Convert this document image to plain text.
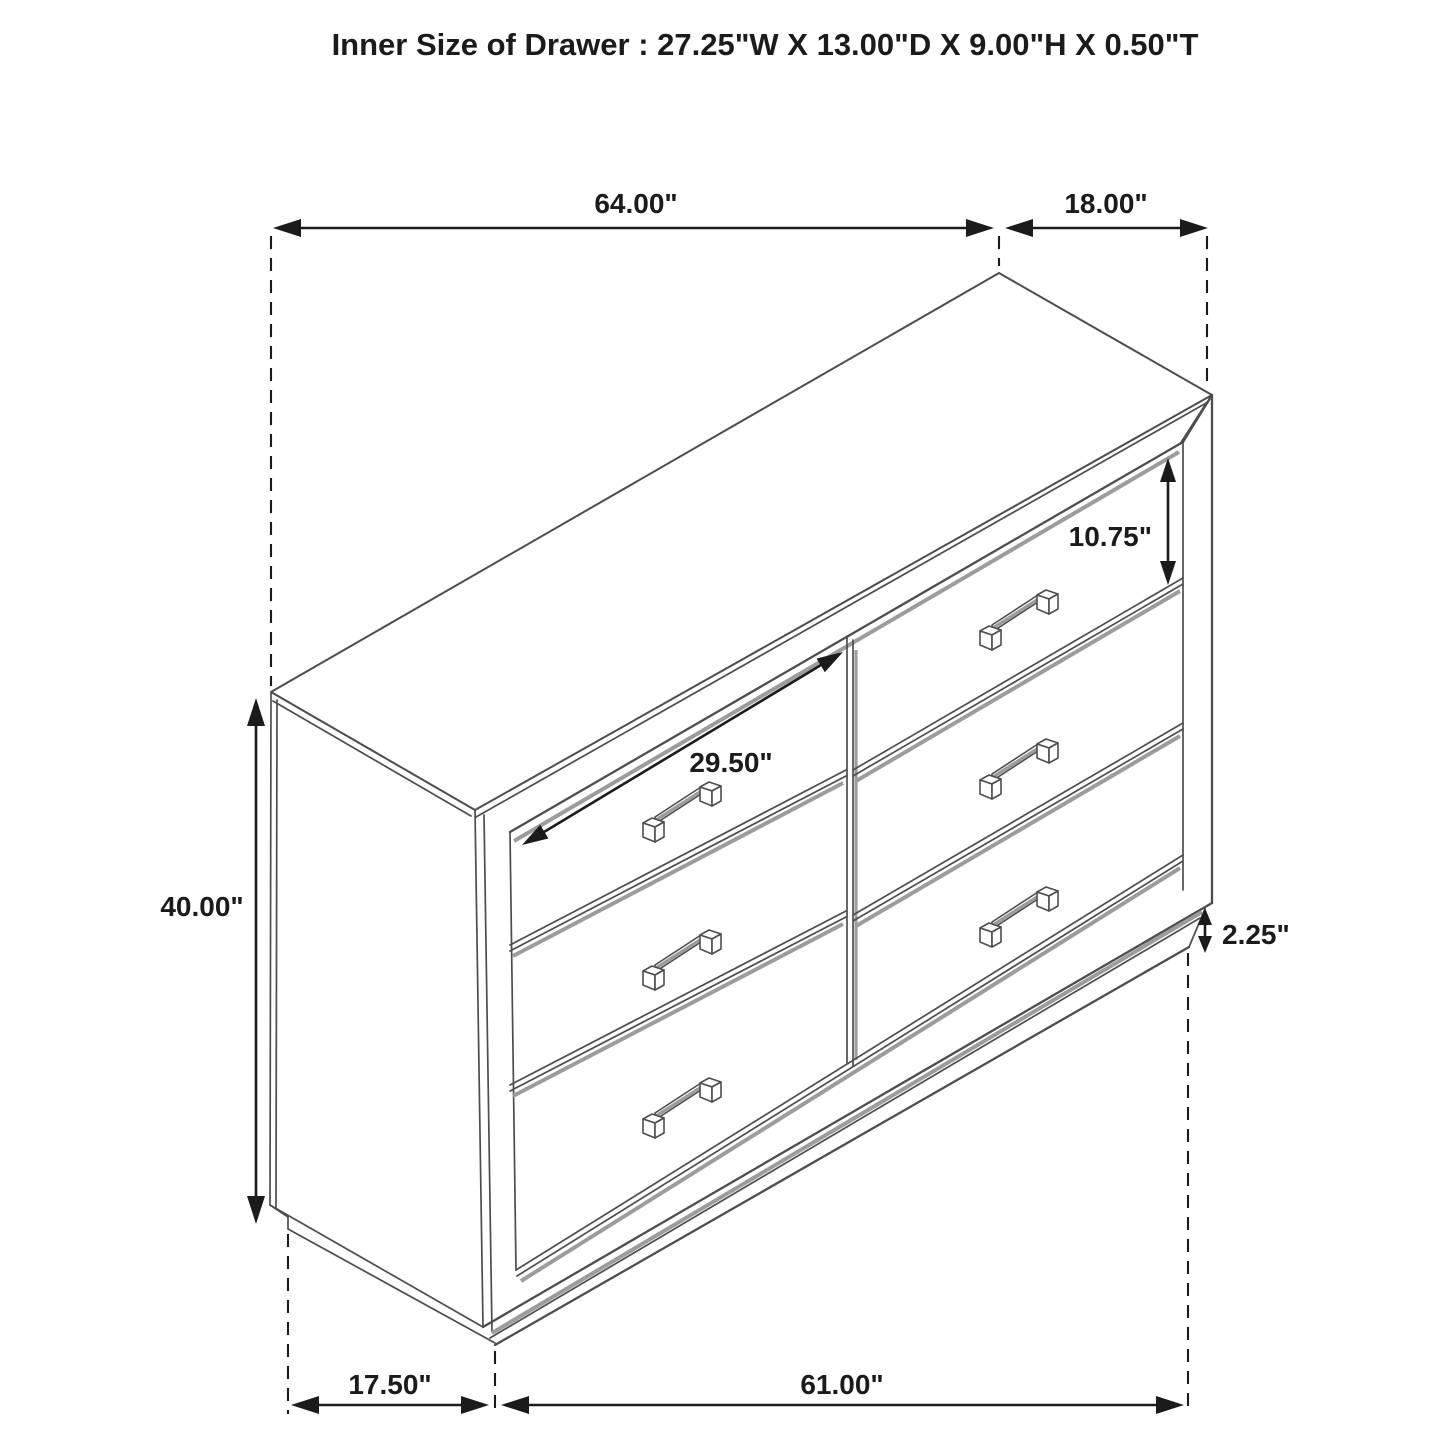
64.00"	18.00"
40.00"
10.75"
2.25"
29.50"
17.50"	61.00"
Inner Size of Drawer : 27.25"W X 13.00"D X 9.00"H X 0.50"T
